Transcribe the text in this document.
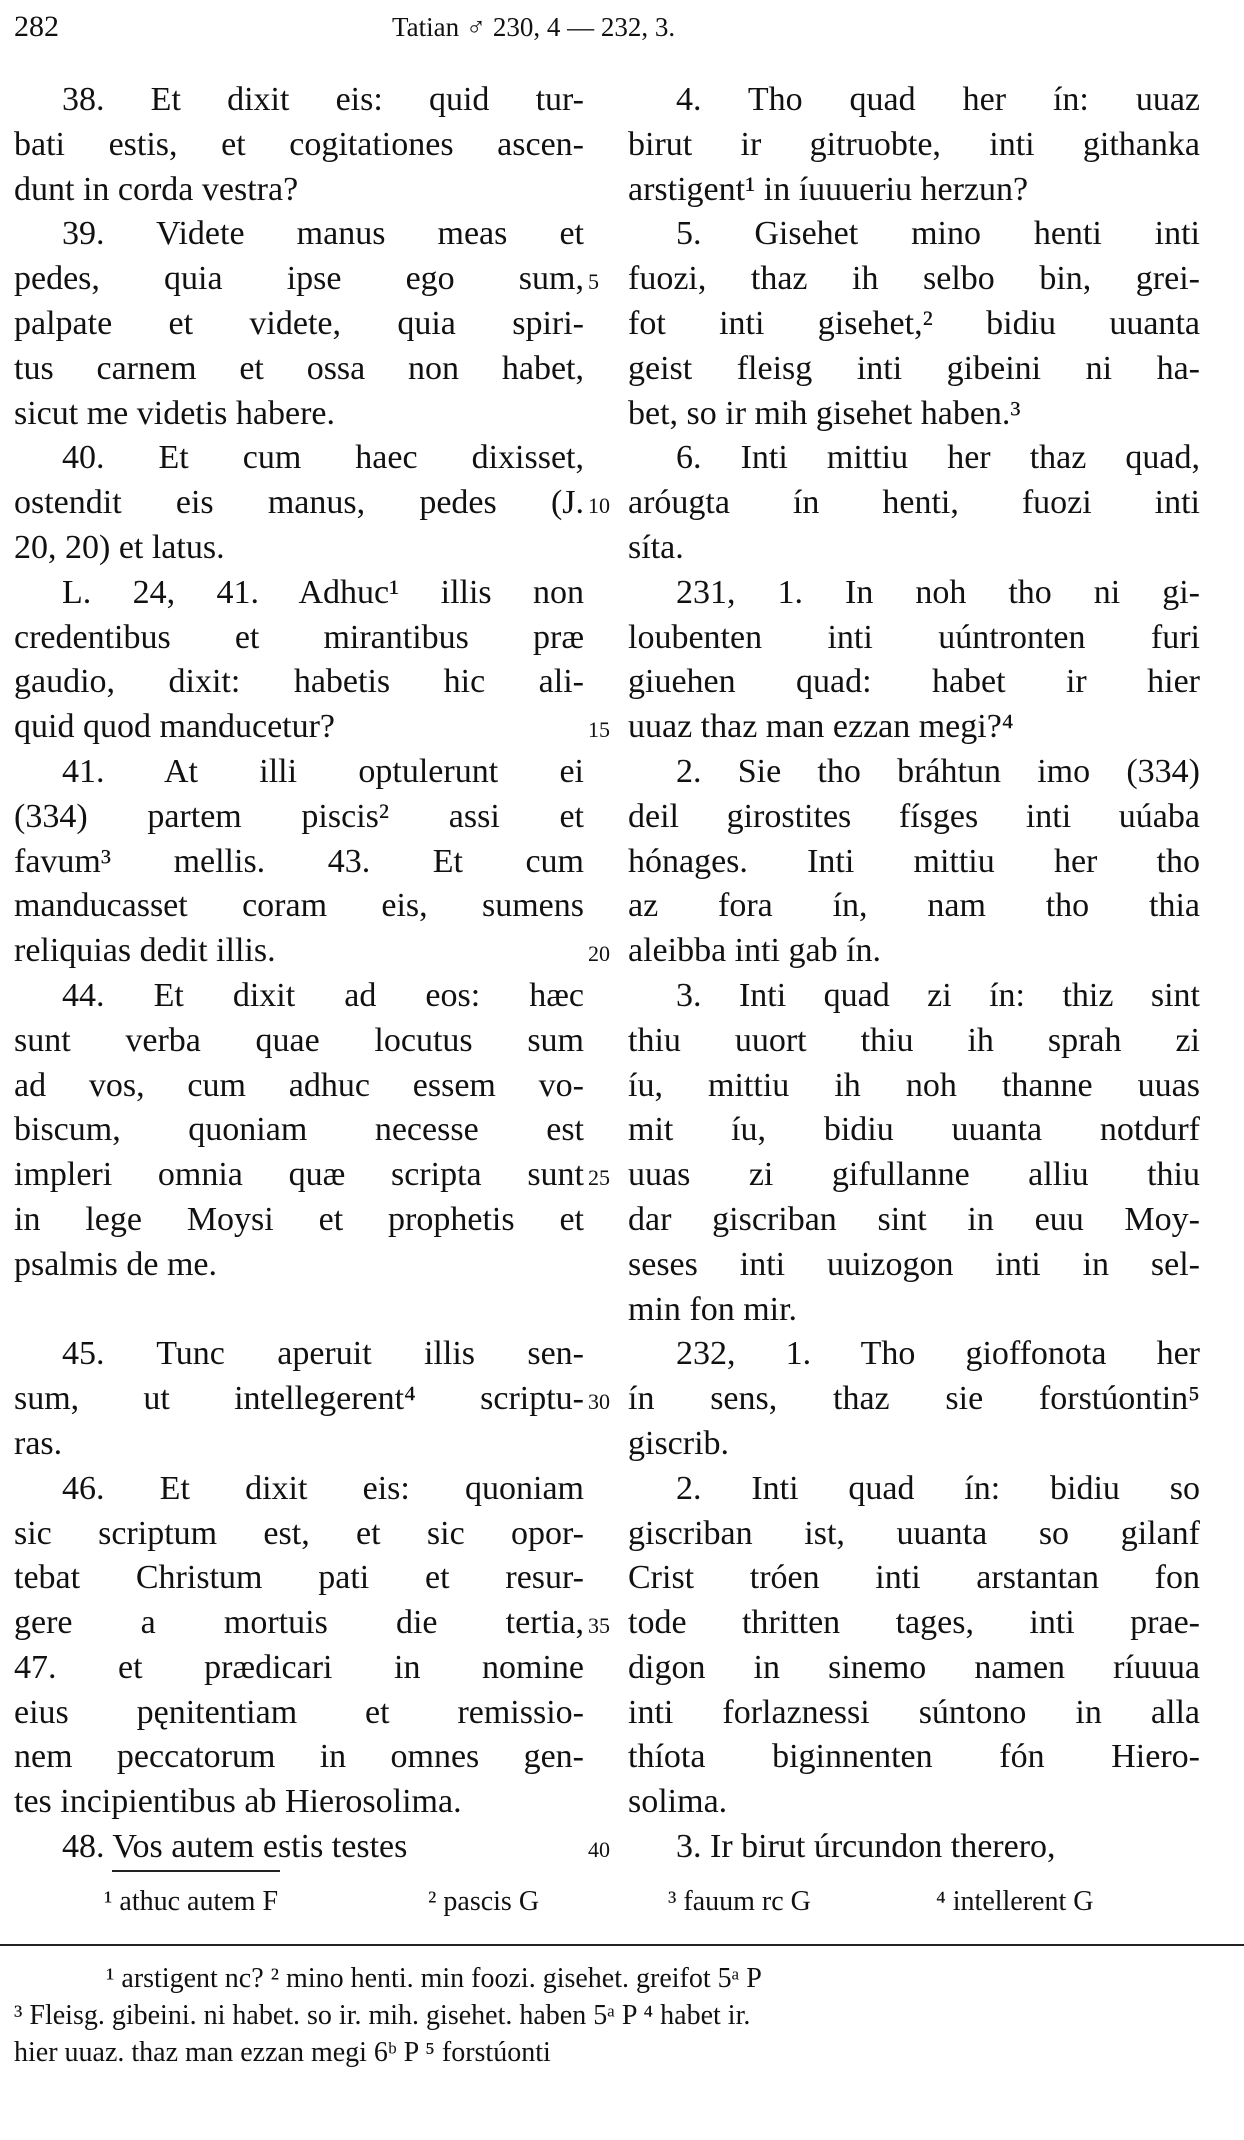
282	Tatian ♂ 230, 4 — 232, 3.
38. Et dixit eis: quid tur-
bati estis, et cogitationes ascen-
dunt in corda vestra?
39. Videte manus meas et
pedes, quia ipse ego sum,
palpate et videte, quia spiri-
tus carnem et ossa non habet,
sicut me videtis habere.
40. Et cum haec dixisset,
ostendit eis manus, pedes (J.
20, 20) et latus.
L. 24, 41. Adhuc¹ illis non
credentibus et mirantibus præ
gaudio, dixit: habetis hic ali-
quid quod manducetur?
41. At illi optulerunt ei
(334) partem piscis² assi et
favum³ mellis. 43. Et cum
manducasset coram eis, sumens
reliquias dedit illis.
44. Et dixit ad eos: hæc
sunt verba quae locutus sum
ad vos, cum adhuc essem vo-
biscum, quoniam necesse est
impleri omnia quæ scripta sunt
in lege Moysi et prophetis et
psalmis de me.
45. Tunc aperuit illis sen-
sum, ut intellegerent⁴ scriptu-
ras.
46. Et dixit eis: quoniam
sic scriptum est, et sic opor-
tebat Christum pati et resur-
gere a mortuis die tertia,
47. et prædicari in nomine
eius pęnitentiam et remissio-
nem peccatorum in omnes gen-
tes incipientibus ab Hierosolima.
48. Vos autem estis testes
4. Tho quad her ín: uuaz
birut ir gitruobte, inti githanka
arstigent¹ in íuuueriu herzun?
5. Gisehet mino henti inti
fuozi, thaz ih selbo bin, grei-
fot inti gisehet,² bidiu uuanta
geist fleisg inti gibeini ni ha-
bet, so ir mih gisehet haben.³
6. Inti mittiu her thaz quad,
aróugta ín henti, fuozi inti
síta.
231, 1. In noh tho ni gi-
loubenten inti uúntronten furi
giuehen quad: habet ir hier
uuaz thaz man ezzan megi?⁴
2. Sie tho bráhtun imo (334)
deil girostites físges inti uúaba
hónages. Inti mittiu her tho
az fora ín, nam tho thia
aleibba inti gab ín.
3. Inti quad zi ín: thiz sint
thiu uuort thiu ih sprah zi
íu, mittiu ih noh thanne uuas
mit íu, bidiu uuanta notdurf
uuas zi gifullanne alliu thiu
dar giscriban sint in euu Moy-
seses inti uuizogon inti in sel-
min fon mir.
232, 1. Tho gioffonota her
ín sens, thaz sie forstúontin⁵
giscrib.
2. Inti quad ín: bidiu so
giscriban ist, uuanta so gilanf
Crist tróen inti arstantan fon
tode thritten tages, inti prae-
digon in sinemo namen ríuuua
inti forlaznessi súntono in alla
thíota biginnenten fón Hiero-
solima.
3. Ir birut úrcundon therero,
5
10
15
20
25
30
35
40
¹ athuc autem F	² pascis G	³ fauum rc G	⁴ intellerent G
¹ arstigent nc? ² mino henti. min foozi. gisehet. greifot 5ᵃ P
³ Fleisg. gibeini. ni habet. so ir. mih. gisehet. haben 5ᵃ P ⁴ habet ir.
hier uuaz. thaz man ezzan megi 6ᵇ P ⁵ forstúonti
